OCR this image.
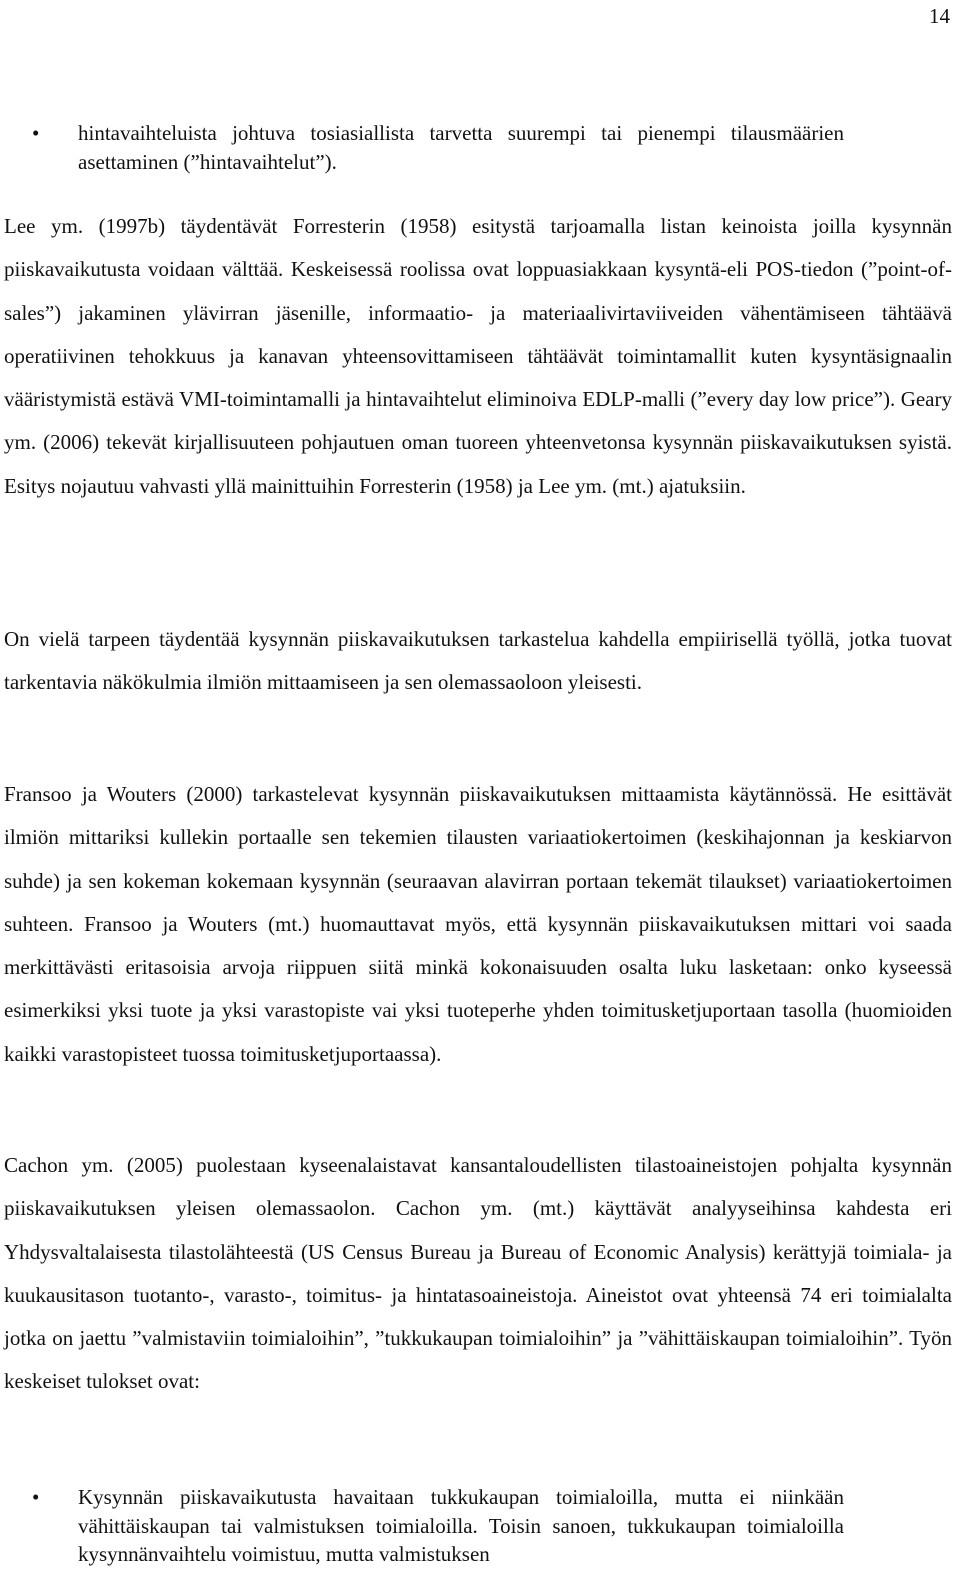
14
• hintavaihteluista johtuva tosiasiallista tarvetta suurempi tai pienempi tilausmäärien asettaminen (”hintavaihtelut”).

Lee ym. (1997b) täydentävät Forresterin (1958) esitystä tarjoamalla listan keinoista joilla kysynnän piiskavaikutusta voidaan välttää. Keskeisessä roolissa ovat loppuasiakkaan kysyntä-eli POS-tiedon (”point-of-sales”) jakaminen ylävirran jäsenille, informaatio- ja materiaalivirtaviiveiden vähentämiseen tähtäävä operatiivinen tehokkuus ja kanavan yhteensovittamiseen tähtäävät toimintamallit kuten kysyntäsignaalin vääristymistä estävä VMI-toimintamalli ja hintavaihtelut eliminoiva EDLP-malli (”every day low price”). Geary ym. (2006) tekevät kirjallisuuteen pohjautuen oman tuoreen yhteenvetonsa kysynnän piiskavaikutuksen syistä. Esitys nojautuu vahvasti yllä mainittuihin Forresterin (1958) ja Lee ym. (mt.) ajatuksiin.

On vielä tarpeen täydentää kysynnän piiskavaikutuksen tarkastelua kahdella empiirisellä työllä, jotka tuovat tarkentavia näkökulmia ilmiön mittaamiseen ja sen olemassaoloon yleisesti.

Fransoo ja Wouters (2000) tarkastelevat kysynnän piiskavaikutuksen mittaamista käytännössä. He esittävät ilmiön mittariksi kullekin portaalle sen tekemien tilausten variaatiokertoimen (keskihajonnan ja keskiarvon suhde) ja sen kokeman kokemaan kysynnän (seuraavan alavirran portaan tekemät tilaukset) variaatiokertoimen suhteen. Fransoo ja Wouters (mt.) huomauttavat myös, että kysynnän piiskavaikutuksen mittari voi saada merkittävästi eritasoisia arvoja riippuen siitä minkä kokonaisuuden osalta luku lasketaan: onko kyseessä esimerkiksi yksi tuote ja yksi varastopiste vai yksi tuoteperhe yhden toimitusketjuportaan tasolla (huomioiden kaikki varastopisteet tuossa toimitusketjuportaassa).

Cachon ym. (2005) puolestaan kyseenalaistavat kansantaloudellisten tilastoaineistojen pohjalta kysynnän piiskavaikutuksen yleisen olemassaolon. Cachon ym. (mt.) käyttävät analyyseihinsa kahdesta eri Yhdysvaltalaisesta tilastolähteestä (US Census Bureau ja Bureau of Economic Analysis) kerättyjä toimiala- ja kuukausitason tuotanto-, varasto-, toimitus- ja hintatasoaineistoja. Aineistot ovat yhteensä 74 eri toimialalta jotka on jaettu ”valmistaviin toimialoihin”, ”tukkukaupan toimialoihin” ja ”vähittäiskaupan toimialoihin”. Työn keskeiset tulokset ovat:

• Kysynnän piiskavaikutusta havaitaan tukkukaupan toimialoilla, mutta ei niinkään vähittäiskaupan tai valmistuksen toimialoilla. Toisin sanoen, tukkukaupan toimialoilla kysynnänvaihtelu voimistuu, mutta valmistuksen
